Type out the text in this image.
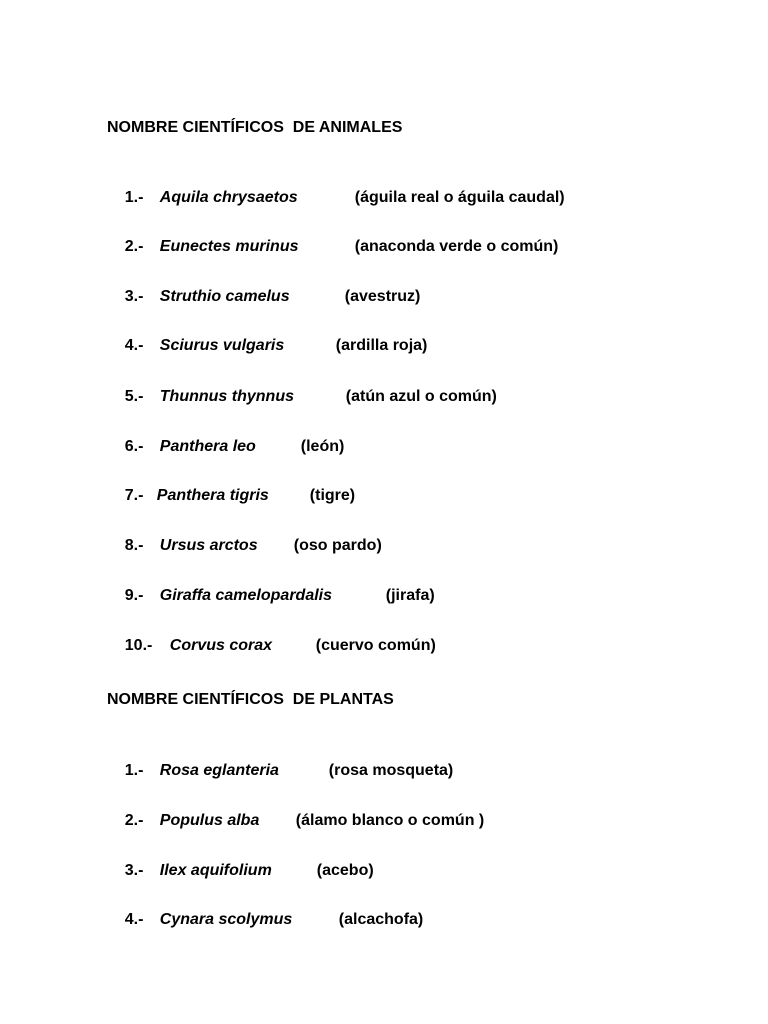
NOMBRE CIENTÍFICOS  DE ANIMALES

1.- Aquila chrysaetos	(águila real o águila caudal)

2.- Eunectes murinus	(anaconda verde o común)

3.- Struthio camelus	(avestruz)

4.- Sciurus vulgaris	(ardilla roja)

5.- Thunnus thynnus	(atún azul o común)

6.- Panthera leo	(león)

7.- Panthera tigris	(tigre)

8.- Ursus arctos (oso pardo)

9.- Giraffa camelopardalis	(jirafa)

10.- Corvus corax	(cuervo común)

NOMBRE CIENTÍFICOS  DE PLANTAS

1.- Rosa eglanteria	(rosa mosqueta)

2.- Populus alba (álamo blanco o común )

3.- Ilex aquifolium	(acebo)

4.- Cynara scolymus	(alcachofa)
